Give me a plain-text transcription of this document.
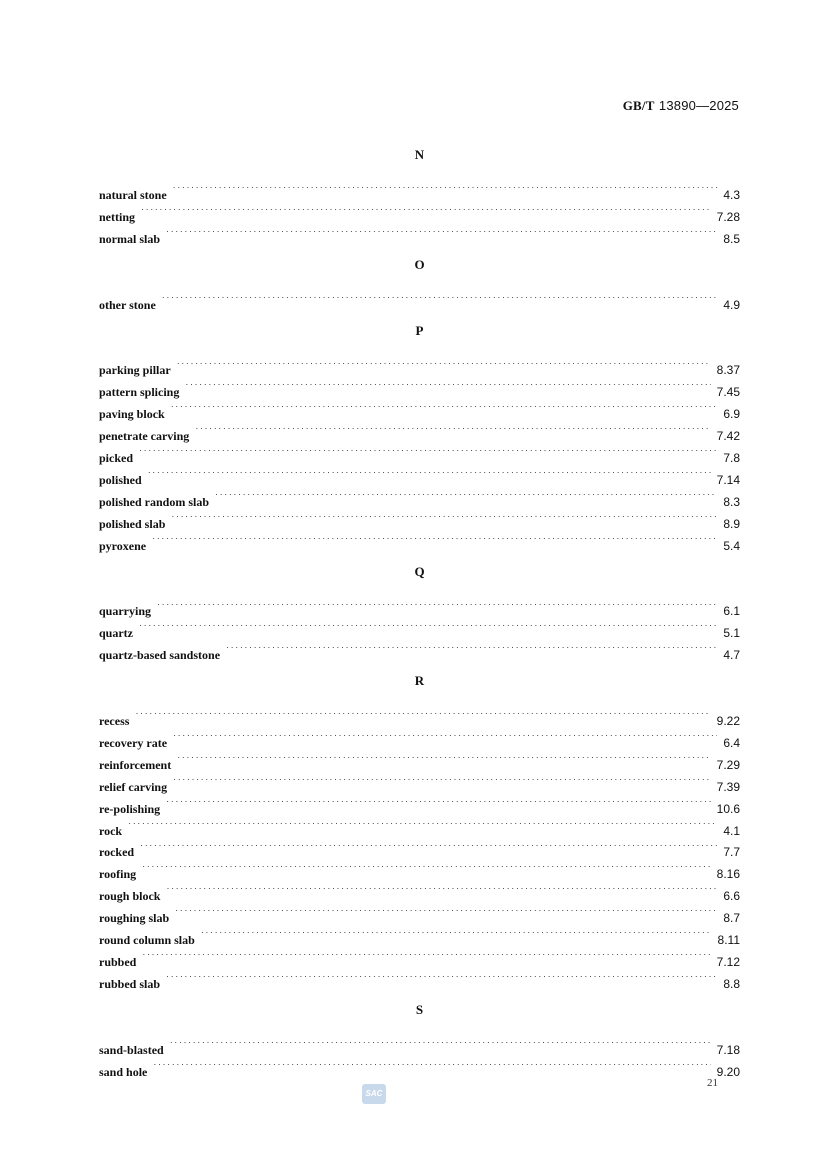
GB/T 13890—2025
N
natural stone ·····	4.3
netting ·····	7.28
normal slab ·····	8.5
O
other stone ·····	4.9
P
parking pillar ·····	8.37
pattern splicing ·····	7.45
paving block ·····	6.9
penetrate carving ·····	7.42
picked ·····	7.8
polished ·····	7.14
polished random slab ·····	8.3
polished slab ·····	8.9
pyroxene ·····	5.4
Q
quarrying ·····	6.1
quartz ·····	5.1
quartz-based sandstone ·····	4.7
R
recess ·····	9.22
recovery rate ·····	6.4
reinforcement ·····	7.29
relief carving ·····	7.39
re-polishing ·····	10.6
rock ·····	4.1
rocked ·····	7.7
roofing ·····	8.16
rough block ·····	6.6
roughing slab ·····	8.7
round column slab ·····	8.11
rubbed ·····	7.12
rubbed slab ·····	8.8
S
sand-blasted ·····	7.18
sand hole ·····	9.20
21
SAC
